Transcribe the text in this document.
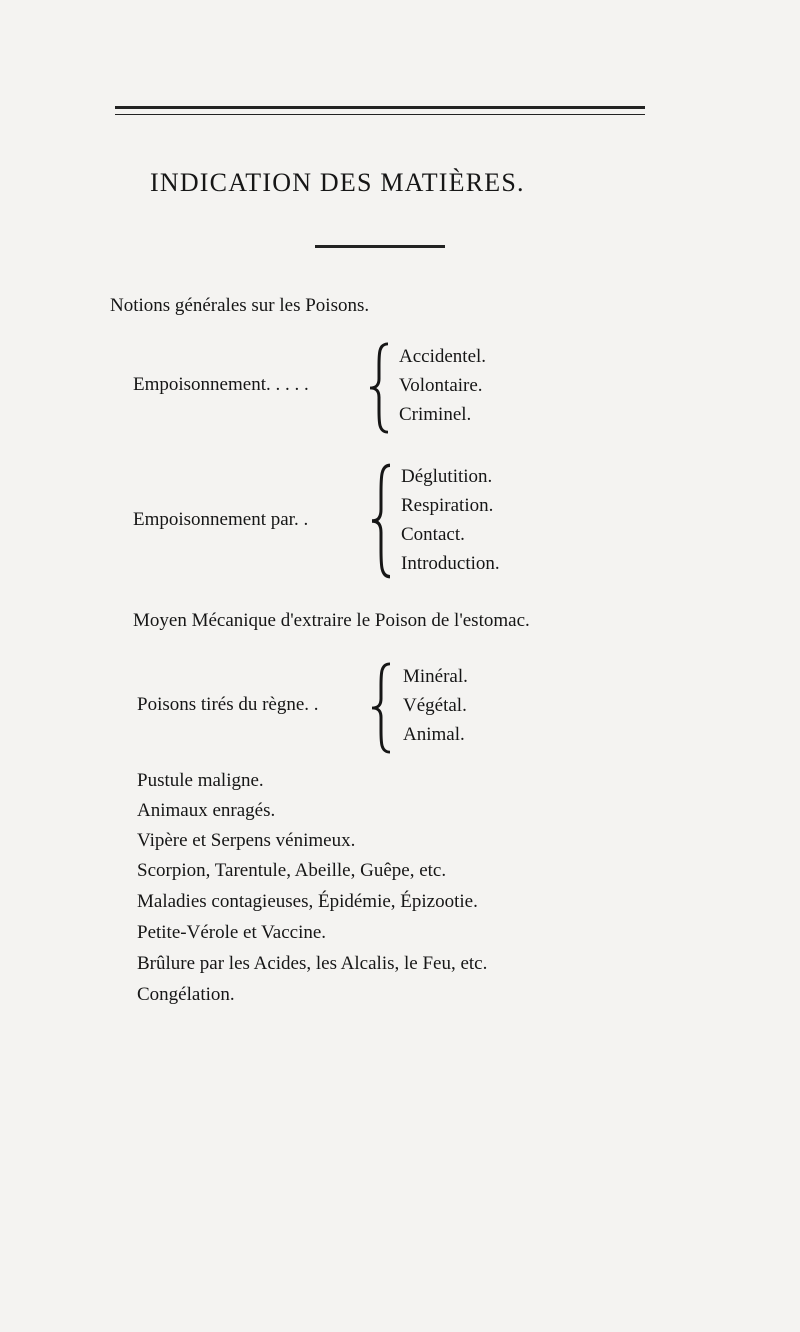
INDICATION DES MATIÈRES.
Notions générales sur les Poisons.
Empoisonnement. . . . .
Accidentel.
Volontaire.
Criminel.
Empoisonnement par. .
Déglutition.
Respiration.
Contact.
Introduction.
Moyen Mécanique d'extraire le Poison de l'estomac.
Poisons tirés du règne. .
Minéral.
Végétal.
Animal.
Pustule maligne.
Animaux enragés.
Vipère et Serpens vénimeux.
Scorpion, Tarentule, Abeille, Guêpe, etc.
Maladies contagieuses, Épidémie, Épizootie.
Petite-Vérole et Vaccine.
Brûlure par les Acides, les Alcalis, le Feu, etc.
Congélation.
